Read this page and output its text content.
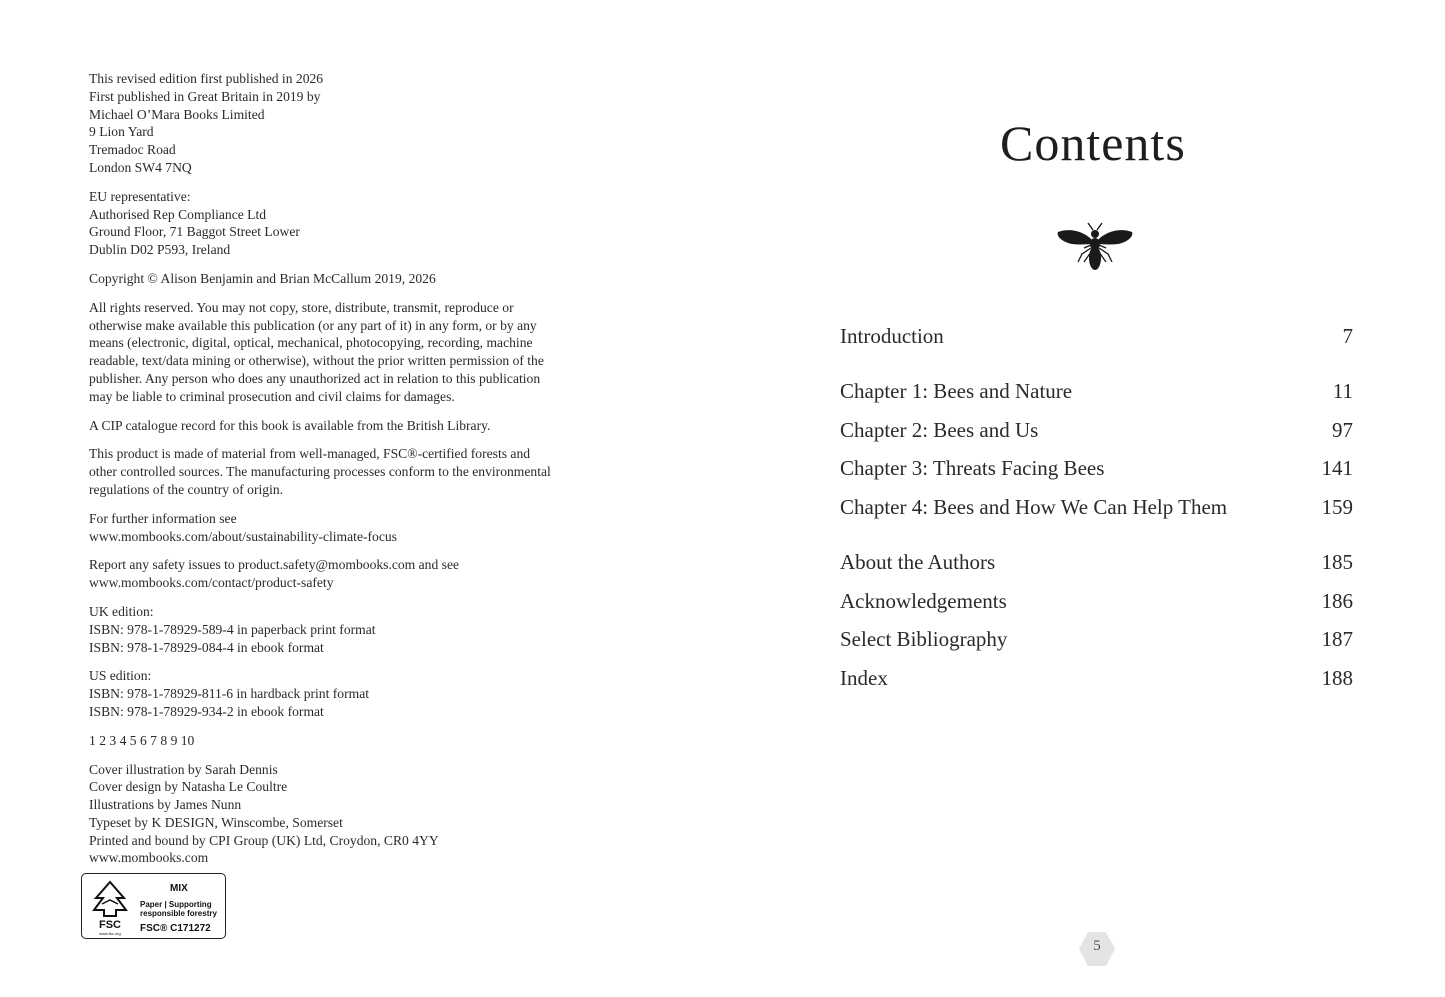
This revised edition first published in 2026
First published in Great Britain in 2019 by
Michael O’Mara Books Limited
9 Lion Yard
Tremadoc Road
London SW4 7NQ

EU representative:
Authorised Rep Compliance Ltd
Ground Floor, 71 Baggot Street Lower
Dublin D02 P593, Ireland

Copyright © Alison Benjamin and Brian McCallum 2019, 2026

All rights reserved. You may not copy, store, distribute, transmit, reproduce or
otherwise make available this publication (or any part of it) in any form, or by any
means (electronic, digital, optical, mechanical, photocopying, recording, machine
readable, text/data mining or otherwise), without the prior written permission of the
publisher. Any person who does any unauthorized act in relation to this publication
may be liable to criminal prosecution and civil claims for damages.

A CIP catalogue record for this book is available from the British Library.

This product is made of material from well-managed, FSC®-certified forests and
other controlled sources. The manufacturing processes conform to the environmental
regulations of the country of origin.

For further information see
www.mombooks.com/about/sustainability-climate-focus

Report any safety issues to product.safety@mombooks.com and see
www.mombooks.com/contact/product-safety

UK edition:
ISBN: 978-1-78929-589-4 in paperback print format
ISBN: 978-1-78929-084-4 in ebook format

US edition:
ISBN: 978-1-78929-811-6 in hardback print format
ISBN: 978-1-78929-934-2 in ebook format

1 2 3 4 5 6 7 8 9 10

Cover illustration by Sarah Dennis
Cover design by Natasha Le Coultre
Illustrations by James Nunn
Typeset by K DESIGN, Winscombe, Somerset
Printed and bound by CPI Group (UK) Ltd, Croydon, CR0 4YY
www.mombooks.com

FSC
www.fsc.org
MIX
Paper | Supporting
responsible forestry
FSC® C171272
Contents
Introduction	7
Chapter 1: Bees and Nature	11
Chapter 2: Bees and Us	97
Chapter 3: Threats Facing Bees	141
Chapter 4: Bees and How We Can Help Them	159
About the Authors	185
Acknowledgements	186
Select Bibliography	187
Index	188
5
